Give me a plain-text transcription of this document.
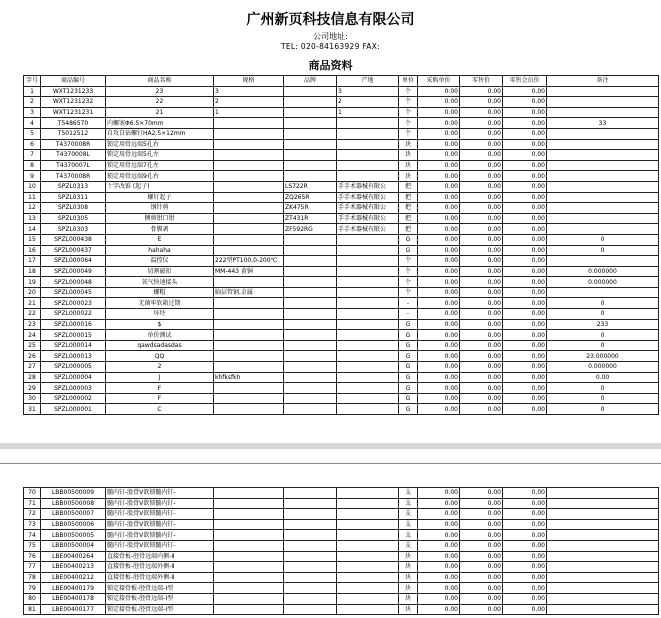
广州新页科技信息有限公司
公司地址:
TEL: 020-84163929 FAX:
商品资料
字号	商品编号	商品名称	规格	品牌	产地	单位	采购单价	零售价	零售会员价	备注
1	WXT1231233	23	3		3	个	0.00	0.00	0.00	
2	WXT1231232	22	2		2	个	0.00	0.00	0.00	
3	WXT1231231	21	1		1	个	0.00	0.00	0.00	
4	T5486570	内螺塞Φ6.5×70mm				个	0.00	0.00	0.00	33
5	T5012512	自攻自钻螺钉HA2.5×12mm				个	0.00	0.00	0.00	
6	T4370008R	锁定用骨远端5孔右				块	0.00	0.00	0.00	
7	T4370008L	锁定用骨远端5孔左				块	0.00	0.00	0.00	
8	T4370007L	锁定用骨远端7孔左				块	0.00	0.00	0.00	
9	T4370008R	锁定用骨远端9孔右				块	0.00	0.00	0.00	
10	SPZL0313	十字改锥 (起子)		LS722R	手手术器械有限公	把	0.00	0.00	0.00	
11	SPZL0311	螺钉起子		ZQ265R	手手术器械有限公	把	0.00	0.00	0.00	
12	SPZL0308	钢针剪		ZK475R	手手术器械有限公	把	0.00	0.00	0.00	
13	SPZL0305	侧剪钳口钳		ZT431R	手手术器械有限公	把	0.00	0.00	0.00	
14	SPZL0303	骨膜剥		ZF592RG	手手术器械有限公	把	0.00	0.00	0.00	
15	SPZL000438	E				G	0.00	0.00	0.00	0
16	SPZL000437	hahaha				G	0.00	0.00	0.00	0
17	SPZL000064	温控仪	222型PT100,0-200℃			个	0.00	0.00	0.00	
18	SPZL000049	切割磁扣	MM-443 黄铜			个	0.00	0.00	0.00	0.000000
19	SPZL000048	氧气快速接头				个	0.00	0.00	0.00	0.000000
20	SPZL000045	螺帽	脑层管钢,金属			个	0.00	0.00	0.00	
21	SPZL000023	无菌牢软箱过期				-	0.00	0.00	0.00	0
22	SPZL000022	坏坯				-	0.00	0.00	0.00	0
23	SPZL000016	$				G	0.00	0.00	0.00	233
24	SPZL000015	单价测试				G	0.00	0.00	0.00	0
25	SPZL000014	qawdsadasdas				G	0.00	0.00	0.00	0
26	SPZL000013	QQ				G	0.00	0.00	0.00	23.000000
27	SPZL000005	2				G	0.00	0.00	0.00	0.000000
28	SPZL000004	J	khfksfkh			G	0.00	0.00	0.00	0.00
29	SPZL000003	F				G	0.00	0.00	0.00	0
30	SPZL000002	F				G	0.00	0.00	0.00	0
31	SPZL000001	C				G	0.00	0.00	0.00	0
70	LBB00500009	髓内钉-股骨Ⅴ欲锁髓内钉-				支	0.00	0.00	0.00	
71	LBB00500008	髓内钉-股骨Ⅴ欲锁髓内钉-				支	0.00	0.00	0.00	
72	LBB00500007	髓内钉-股骨Ⅴ欲锁髓内钉-				支	0.00	0.00	0.00	
73	LBB00500006	髓内钉-股骨Ⅴ欲锁髓内钉-				支	0.00	0.00	0.00	
74	LBB00500005	髓内钉-股骨Ⅴ欲锁髓内钉-				支	0.00	0.00	0.00	
75	LBB00500004	髓内钉-股骨Ⅴ欲锁髓内钉-				支	0.00	0.00	0.00	
76	LBE00400264	直接骨板-胫骨远端内侧-Ⅱ				块	0.00	0.00	0.00	
77	LBE00400213	直接骨板-胫骨远端外侧-Ⅱ				块	0.00	0.00	0.00	
78	LBE00400212	直接骨板-胫骨远端外侧-Ⅱ				块	0.00	0.00	0.00	
79	LBE00400179	锁定接骨板-胫骨远端-Ⅰ型				块	0.00	0.00	0.00	
80	LBE00400178	锁定接骨板-胫骨远端-Ⅰ型				块	0.00	0.00	0.00	
81	LBE00400177	锁定接骨板-胫骨远端-Ⅰ型				块	0.00	0.00	0.00	
